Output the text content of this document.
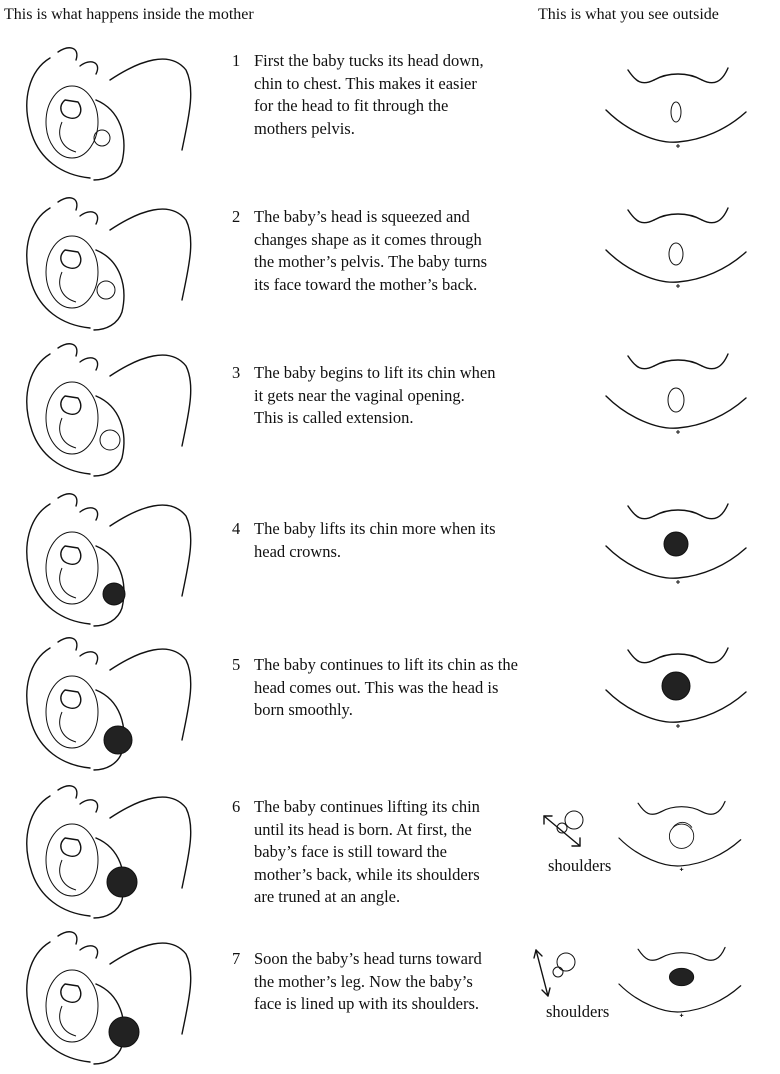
This is what happens inside the mother	This is what you see outside
1 First the baby tucks its head down,
chin to chest. This makes it easier
for the head to fit through the
mothers pelvis.
2 The baby’s head is squeezed and
changes shape as it comes through
the mother’s pelvis. The baby turns
its face toward the mother’s back.
3 The baby begins to lift its chin when
it gets near the vaginal opening.
This is called extension.
4 The baby lifts its chin more when its
head crowns.
5 The baby continues to lift its chin as the
head comes out. This was the head is
born smoothly.
6 The baby continues lifting its chin
until its head is born. At first, the
baby’s face is still toward the
mother’s back, while its shoulders
are truned at an angle.
shoulders
7 Soon the baby’s head turns toward
the mother’s leg. Now the baby’s
face is lined up with its shoulders.	shoulders
